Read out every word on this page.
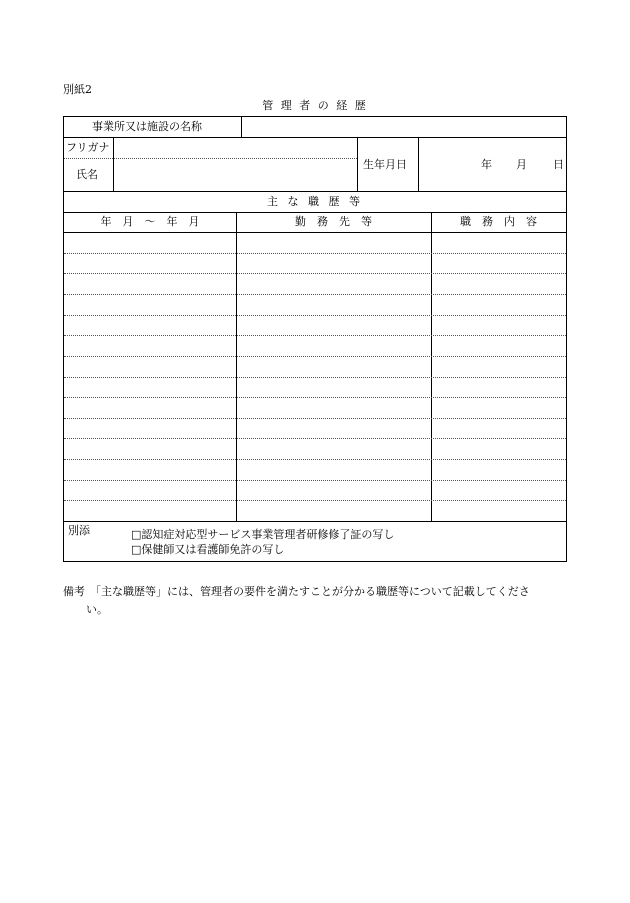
別紙2
管 理 者 の 経 歴
事業所又は施設の名称
フリガナ
氏名
生年月日	年 月 日
主 な 職 歴 等
年　月　〜　年　月	勤　務　先　等	職　務　内　容
別添	□認知症対応型サービス事業管理者研修修了証の写し
□保健師又は看護師免許の写し
備考 「主な職歴等」には、管理者の要件を満たすことが分かる職歴等について記載してくださ
い。
